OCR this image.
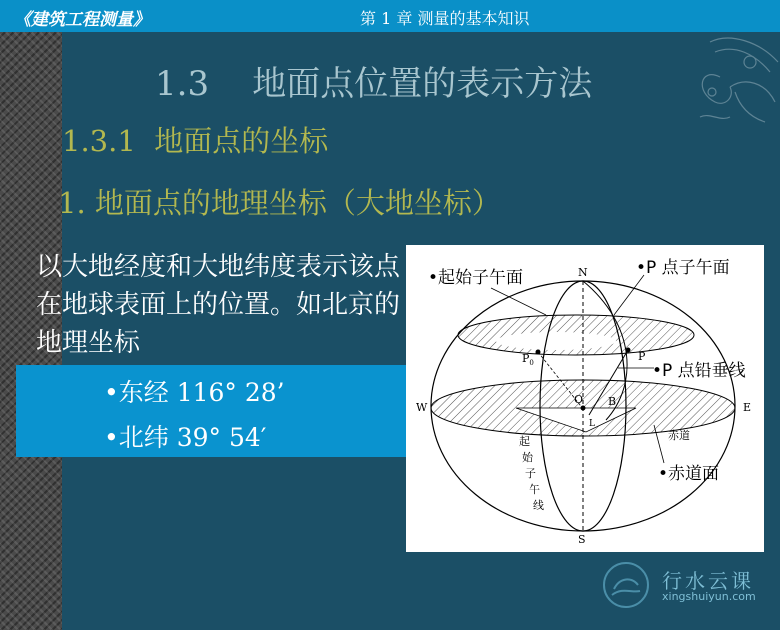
《建筑工程测量》	第 1 章 测量的基本知识
1.3    地面点位置的表示方法
1.3.1  地面点的坐标
1. 地面点的地理坐标（大地坐标）

以大地经度和大地纬度表示该点在地球表面上的位置。如北京的地理坐标

•东经 116° 28’
•北纬 39° 54′
•起始子午面	•P 点子午面
•P 点铅垂线
•赤道面
N
S
W	E
O B
L
P
$P_0$
赤道
起
始
子
午
线
行水云课
xingshuiyun.com
